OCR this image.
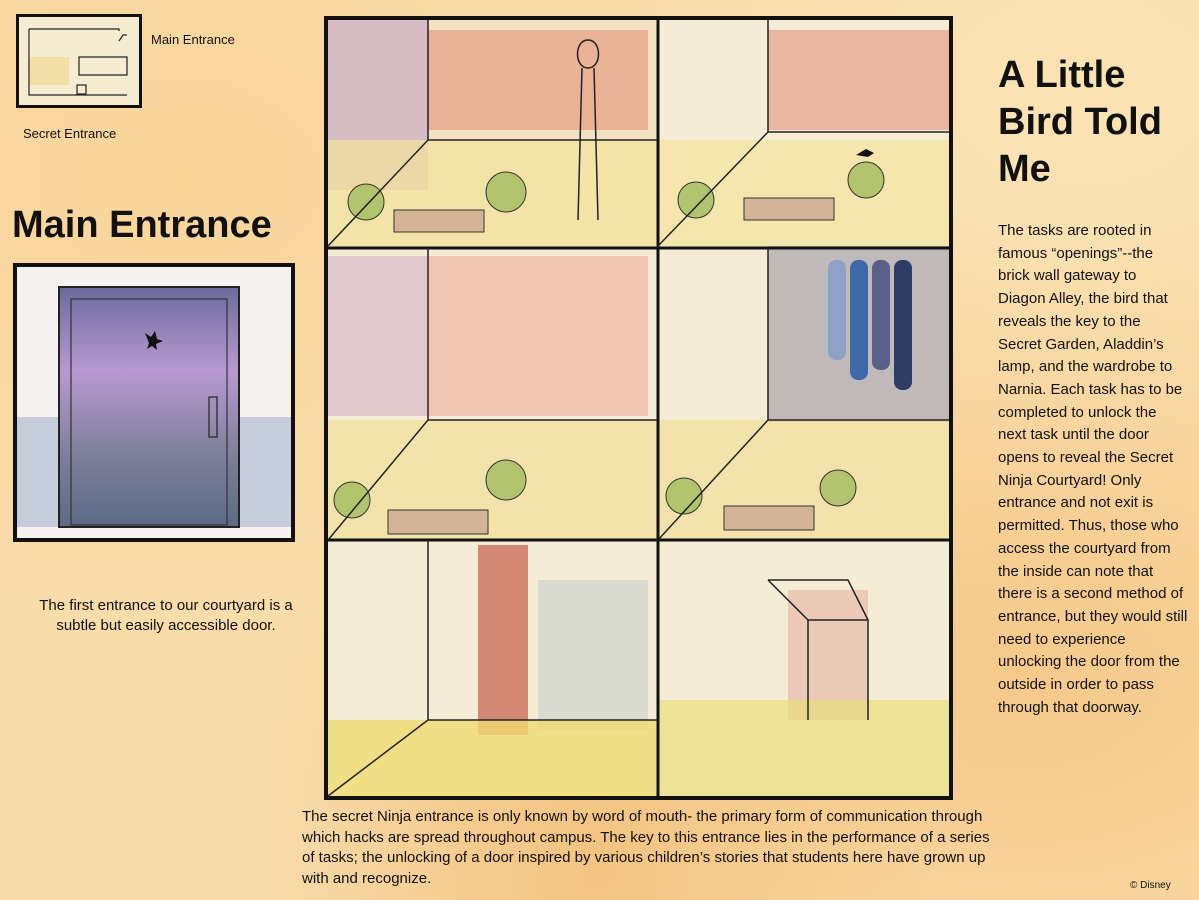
Main Entrance
Secret Entrance
Main Entrance
The first entrance to our courtyard is a subtle but easily accessible door.
A Little Bird Told Me
The tasks are rooted in famous “openings”--the brick wall gateway to Diagon Alley, the bird that reveals the key to the Secret Garden, Aladdin’s lamp, and the wardrobe to Narnia. Each task has to be completed to unlock the next task until the door opens to reveal the Secret Ninja Courtyard! Only entrance and not exit is permitted. Thus, those who access the courtyard from the inside can note that there is a second method of entrance, but they would still need to experience unlocking the door from the outside in order to pass through that doorway.
The secret Ninja entrance is only known by word of mouth- the primary form of communication through which hacks are spread throughout campus. The key to this entrance lies in the performance of a series of tasks; the unlocking of a door inspired by various children’s stories that students here have grown up with and recognize.	© Disney
